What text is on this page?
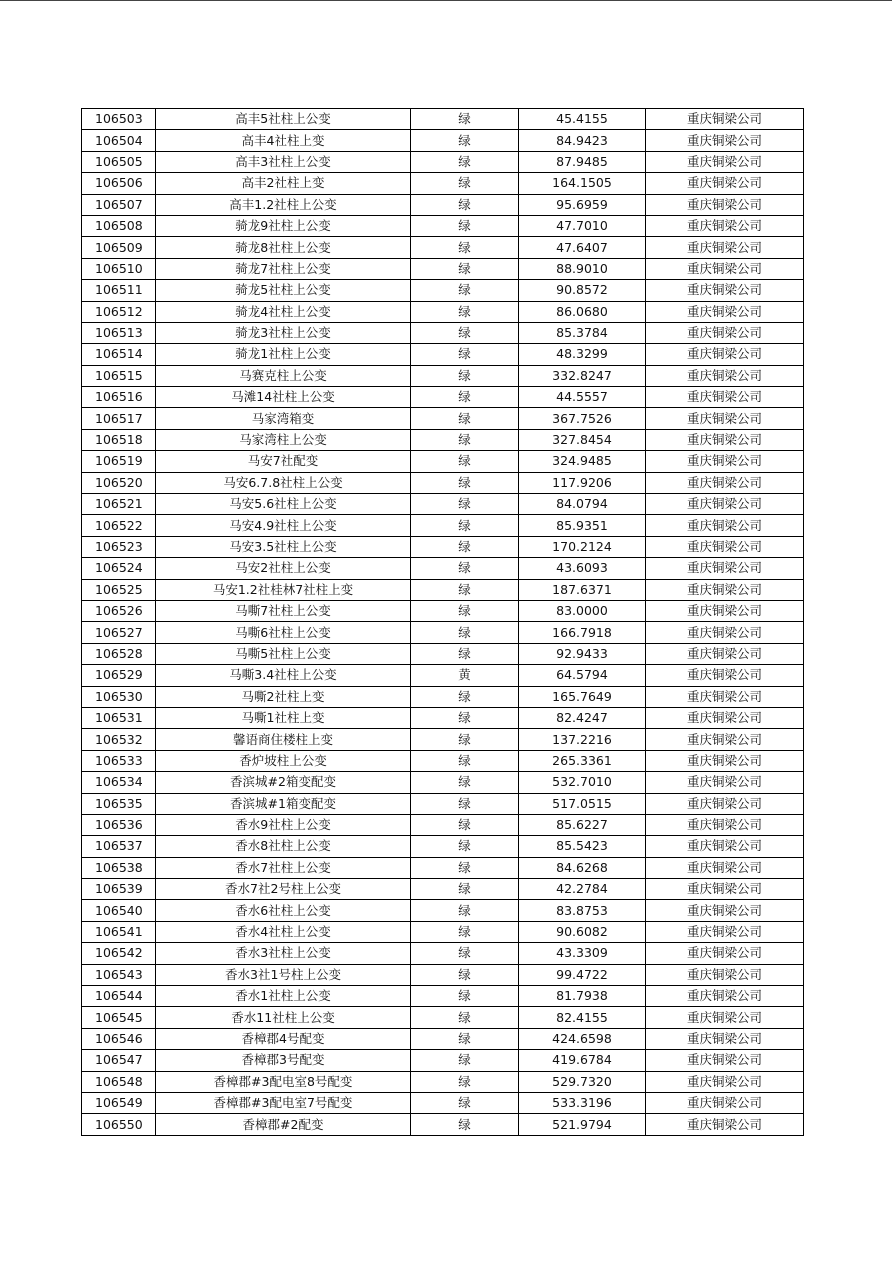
106503	高丰5社柱上公变	绿	45.4155	重庆铜梁公司
106504	高丰4社柱上变	绿	84.9423	重庆铜梁公司
106505	高丰3社柱上公变	绿	87.9485	重庆铜梁公司
106506	高丰2社柱上变	绿	164.1505	重庆铜梁公司
106507	高丰1.2社柱上公变	绿	95.6959	重庆铜梁公司
106508	骑龙9社柱上公变	绿	47.7010	重庆铜梁公司
106509	骑龙8社柱上公变	绿	47.6407	重庆铜梁公司
106510	骑龙7社柱上公变	绿	88.9010	重庆铜梁公司
106511	骑龙5社柱上公变	绿	90.8572	重庆铜梁公司
106512	骑龙4社柱上公变	绿	86.0680	重庆铜梁公司
106513	骑龙3社柱上公变	绿	85.3784	重庆铜梁公司
106514	骑龙1社柱上公变	绿	48.3299	重庆铜梁公司
106515	马赛克柱上公变	绿	332.8247	重庆铜梁公司
106516	马滩14社柱上公变	绿	44.5557	重庆铜梁公司
106517	马家湾箱变	绿	367.7526	重庆铜梁公司
106518	马家湾柱上公变	绿	327.8454	重庆铜梁公司
106519	马安7社配变	绿	324.9485	重庆铜梁公司
106520	马安6.7.8社柱上公变	绿	117.9206	重庆铜梁公司
106521	马安5.6社柱上公变	绿	84.0794	重庆铜梁公司
106522	马安4.9社柱上公变	绿	85.9351	重庆铜梁公司
106523	马安3.5社柱上公变	绿	170.2124	重庆铜梁公司
106524	马安2社柱上公变	绿	43.6093	重庆铜梁公司
106525	马安1.2社桂林7社柱上变	绿	187.6371	重庆铜梁公司
106526	马嘶7社柱上公变	绿	83.0000	重庆铜梁公司
106527	马嘶6社柱上公变	绿	166.7918	重庆铜梁公司
106528	马嘶5社柱上公变	绿	92.9433	重庆铜梁公司
106529	马嘶3.4社柱上公变	黄	64.5794	重庆铜梁公司
106530	马嘶2社柱上变	绿	165.7649	重庆铜梁公司
106531	马嘶1社柱上变	绿	82.4247	重庆铜梁公司
106532	馨语商住楼柱上变	绿	137.2216	重庆铜梁公司
106533	香炉坡柱上公变	绿	265.3361	重庆铜梁公司
106534	香滨城#2箱变配变	绿	532.7010	重庆铜梁公司
106535	香滨城#1箱变配变	绿	517.0515	重庆铜梁公司
106536	香水9社柱上公变	绿	85.6227	重庆铜梁公司
106537	香水8社柱上公变	绿	85.5423	重庆铜梁公司
106538	香水7社柱上公变	绿	84.6268	重庆铜梁公司
106539	香水7社2号柱上公变	绿	42.2784	重庆铜梁公司
106540	香水6社柱上公变	绿	83.8753	重庆铜梁公司
106541	香水4社柱上公变	绿	90.6082	重庆铜梁公司
106542	香水3社柱上公变	绿	43.3309	重庆铜梁公司
106543	香水3社1号柱上公变	绿	99.4722	重庆铜梁公司
106544	香水1社柱上公变	绿	81.7938	重庆铜梁公司
106545	香水11社柱上公变	绿	82.4155	重庆铜梁公司
106546	香樟郡4号配变	绿	424.6598	重庆铜梁公司
106547	香樟郡3号配变	绿	419.6784	重庆铜梁公司
106548	香樟郡#3配电室8号配变	绿	529.7320	重庆铜梁公司
106549	香樟郡#3配电室7号配变	绿	533.3196	重庆铜梁公司
106550	香樟郡#2配变	绿	521.9794	重庆铜梁公司
